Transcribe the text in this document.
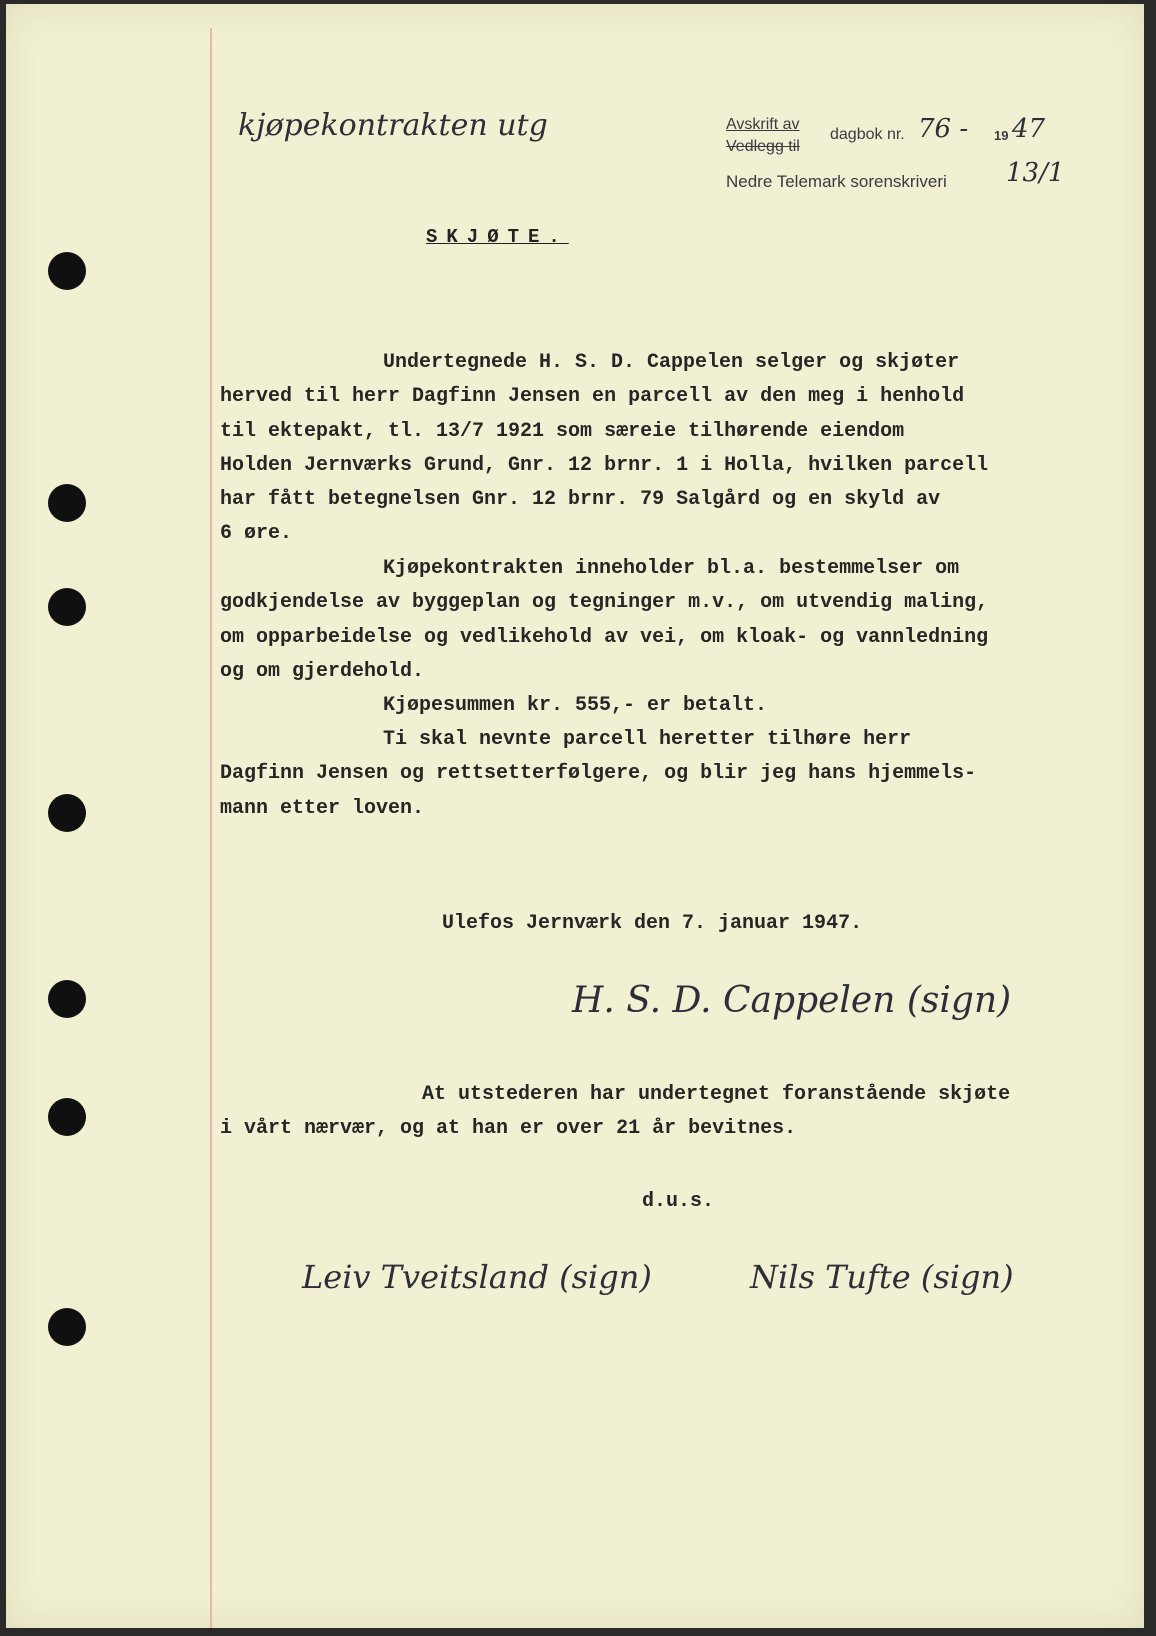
kjøpekontrakten utg	Avskrift av
Vedlegg til
dagbok nr. 76 - 19 47
Nedre Telemark sorenskriveri 13/1
SKJØTE.
Undertegnede H. S. D. Cappelen selger og skjøter
herved til herr Dagfinn Jensen en parcell av den meg i henhold
til ektepakt, tl. 13/7 1921 som særeie tilhørende eiendom
Holden Jernværks Grund, Gnr. 12 brnr. 1 i Holla, hvilken parcell
har fått betegnelsen Gnr. 12 brnr. 79 Salgård og en skyld av
6 øre.
Kjøpekontrakten inneholder bl.a. bestemmelser om
godkjendelse av byggeplan og tegninger m.v., om utvendig maling,
om opparbeidelse og vedlikehold av vei, om kloak- og vannledning
og om gjerdehold.
Kjøpesummen kr. 555,- er betalt.
Ti skal nevnte parcell heretter tilhøre herr
Dagfinn Jensen og rettsetterfølgere, og blir jeg hans hjemmels-
mann etter loven.
Ulefos Jernværk den 7. januar 1947.
H. S. D. Cappelen (sign)
At utstederen har undertegnet foranstående skjøte
i vårt nærvær, og at han er over 21 år bevitnes.
d.u.s.
Leiv Tveitsland (sign)	Nils Tufte (sign)
